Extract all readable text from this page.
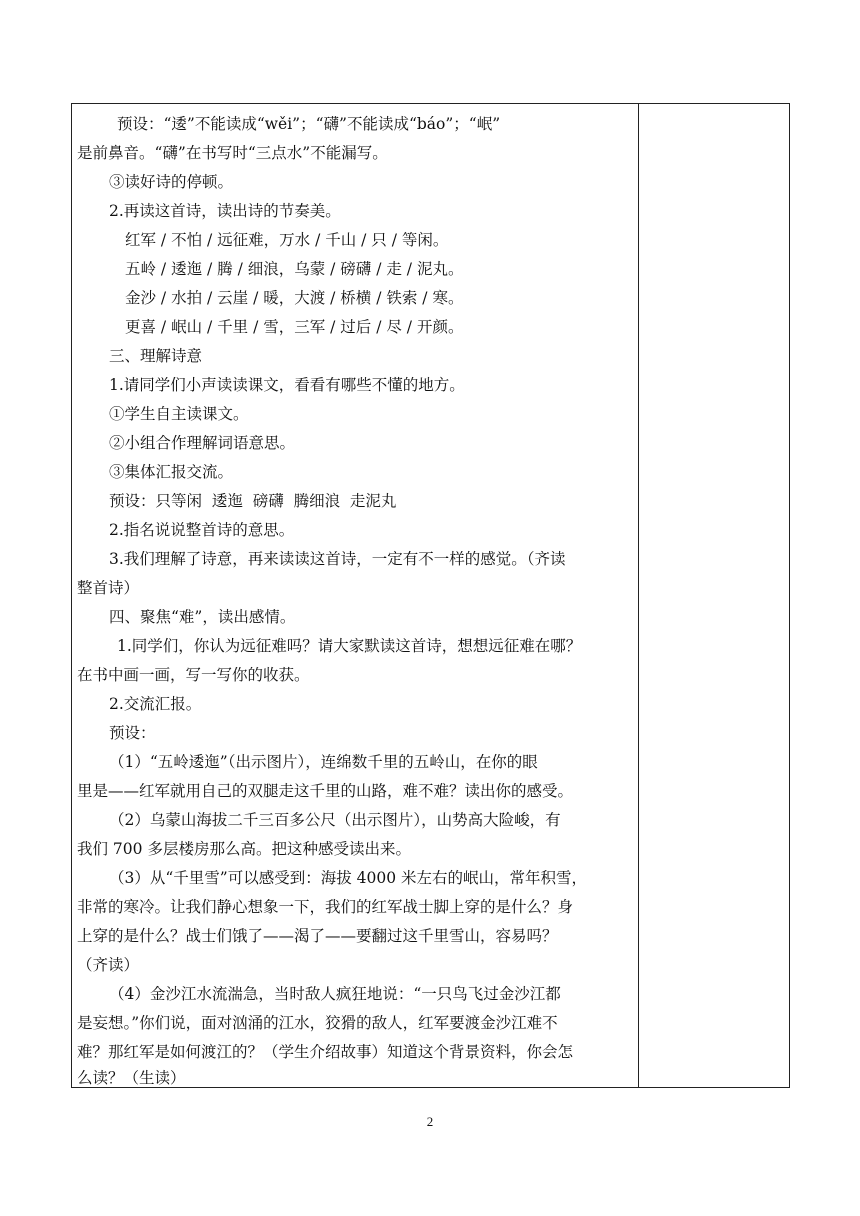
预设：“逶”不能读成“wěi”；“礴”不能读成“báo”；“岷”
是前鼻音。“礴”在书写时“三点水”不能漏写。
③读好诗的停顿。
2.再读这首诗，读出诗的节奏美。
红军 / 不怕 / 远征难，万水 / 千山 / 只 / 等闲。
五岭 / 逶迤 / 腾 / 细浪，乌蒙 / 磅礴 / 走 / 泥丸。
金沙 / 水拍 / 云崖 / 暖，大渡 / 桥横 / 铁索 / 寒。
更喜 / 岷山 / 千里 / 雪，三军 / 过后 / 尽 / 开颜。
三、理解诗意
1.请同学们小声读读课文，看看有哪些不懂的地方。
①学生自主读课文。
②小组合作理解词语意思。
③集体汇报交流。
预设：只等闲  逶迤  磅礴  腾细浪  走泥丸
2.指名说说整首诗的意思。
3.我们理解了诗意，再来读读这首诗，一定有不一样的感觉。（齐读
整首诗）
四、聚焦“难”，读出感情。
1.同学们，你认为远征难吗？请大家默读这首诗，想想远征难在哪？
在书中画一画，写一写你的收获。
2.交流汇报。
预设：
（1）“五岭逶迤”（出示图片），连绵数千里的五岭山，在你的眼
里是——红军就用自己的双腿走这千里的山路，难不难？读出你的感受。
（2）乌蒙山海拔二千三百多公尺（出示图片），山势高大险峻，有
我们 700 多层楼房那么高。把这种感受读出来。
（3）从“千里雪”可以感受到：海拔 4000 米左右的岷山，常年积雪，
非常的寒冷。让我们静心想象一下，我们的红军战士脚上穿的是什么？身
上穿的是什么？战士们饿了——渴了——要翻过这千里雪山，容易吗？
（齐读）
（4）金沙江水流湍急，当时敌人疯狂地说：“一只鸟飞过金沙江都
是妄想。”你们说，面对汹涌的江水，狡猾的敌人，红军要渡金沙江难不
难？那红军是如何渡江的？（学生介绍故事）知道这个背景资料，你会怎
么读？（生读）
2
